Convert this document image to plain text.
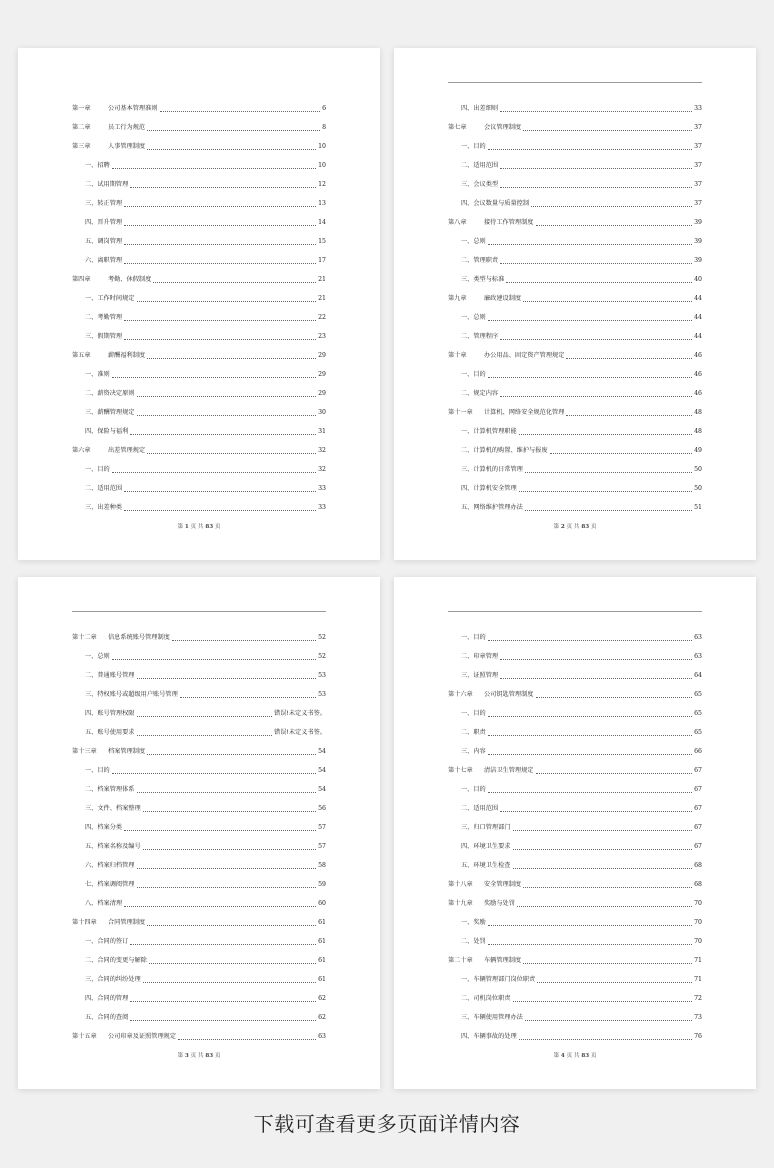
第一章	公司基本管理准则	6
第二章	员工行为规范	8
第三章	人事管理制度	10
一、招聘	10
二、试用期管理	12
三、转正管理	13
四、晋升管理	14
五、调岗管理	15
六、离职管理	17
第四章	考勤、休假制度	21
一、工作时间规定	21
二、考勤管理	22
三、假期管理	23
第五章	薪酬福利制度	29
一、准则	29
二、薪资决定原则	29
三、薪酬管理规定	30
四、保险与福利	31
第六章	出差管理规定	32
一、目的	32
二、适用范围	33
三、出差种类	33
第 1 页 共 83 页
四、出差细则	33
第七章	会议管理制度	37
一、目的	37
二、适用范围	37
三、会议类型	37
四、会议数量与质量控制	37
第八章	接待工作管理制度	39
一、总则	39
二、管理职责	39
三、类型与标准	40
第九章	廉政建设制度	44
一、总则	44
二、管理程序	44
第十章	办公用品、固定资产管理规定	46
一、目的	46
二、规定内容	46
第十一章 计算机、网络安全规范化管理	48
一、计算机管理职能	48
二、计算机的购置、维护与报废	49
三、计算机的日常管理	50
四、计算机安全管理	50
五、网络维护管理办法	51
第 2 页 共 83 页
第十二章 信息系统账号管理制度	52
一、总则	52
二、普通账号管理	53
三、特权账号或超级用户账号管理	53
四、账号管理权限	错误!未定义书签。
五、账号使用要求	错误!未定义书签。
第十三章 档案管理制度	54
一、目的	54
二、档案管理体系	54
三、文件、档案整理	56
四、档案分类	57
五、档案名称及编号	57
六、档案归档管理	58
七、档案调阅管理	59
八、档案清理	60
第十四章 合同管理制度	61
一、合同的签订	61
二、合同的变更与解除	61
三、合同的纠纷处理	61
四、合同的管理	62
五、合同的查阅	62
第十五章 公司印章及证照管理规定	63
第 3 页 共 83 页
一、目的	63
二、印章管理	63
三、证照管理	64
第十六章 公司钥匙管理制度	65
一、目的	65
二、职责	65
三、内容	66
第十七章 清洁卫生管理规定	67
一、目的	67
二、适用范围	67
三、归口管理部门	67
四、环境卫生要求	67
五、环境卫生检查	68
第十八章 安全管理制度	68
第十九章 奖励与处罚	70
一、奖励	70
二、处罚	70
第二十章 车辆管理制度	71
一、车辆管理部门岗位职责	71
二、司机岗位职责	72
三、车辆使用管理办法	73
四、车辆事故的处理	76
第 4 页 共 83 页
下载可查看更多页面详情内容
